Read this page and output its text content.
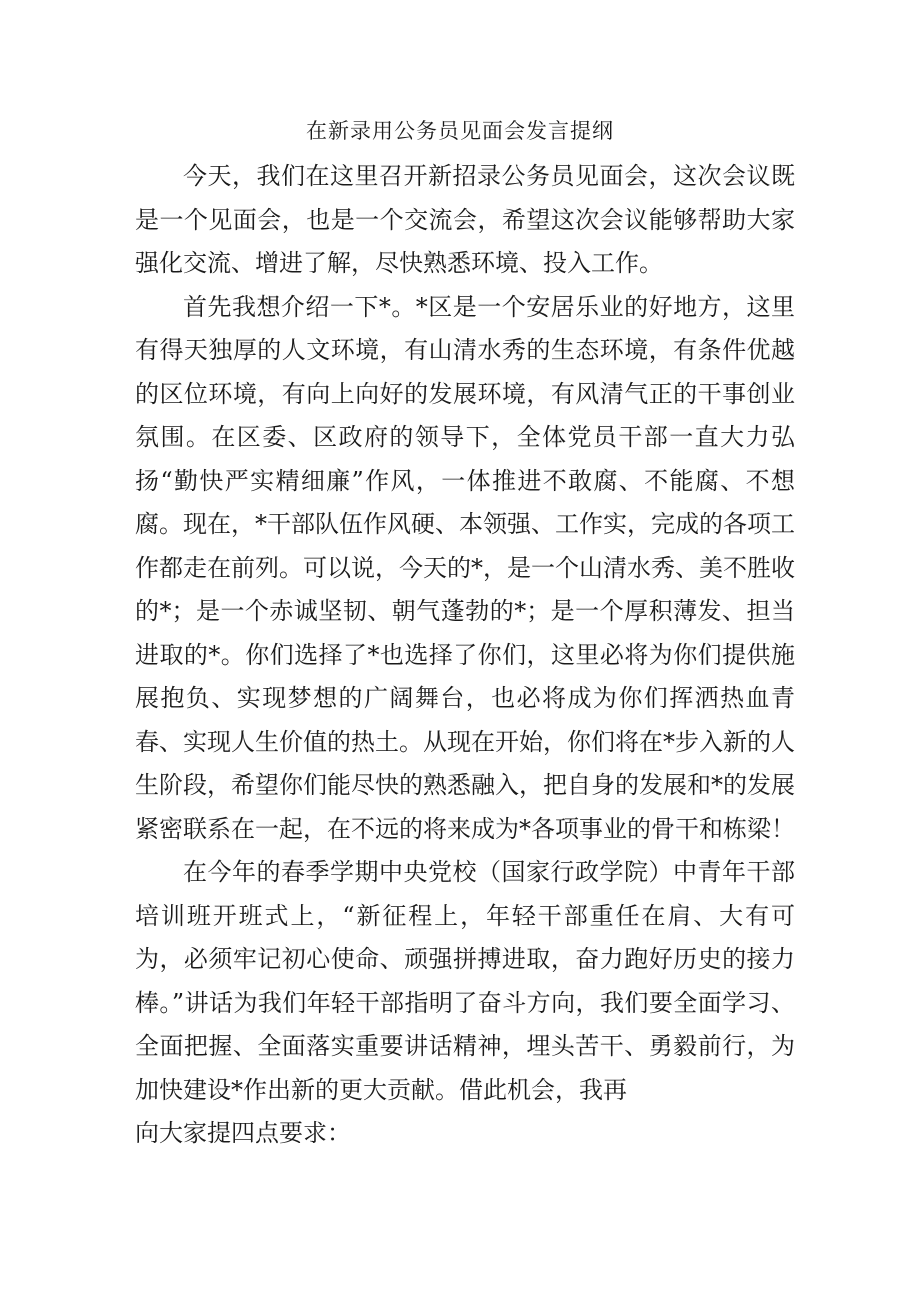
在新录用公务员见面会发言提纲

今天，我们在这里召开新招录公务员见面会，这次会议既是一个见面会，也是一个交流会，希望这次会议能够帮助大家强化交流、增进了解，尽快熟悉环境、投入工作。

首先我想介绍一下*。*区是一个安居乐业的好地方，这里有得天独厚的人文环境，有山清水秀的生态环境，有条件优越的区位环境，有向上向好的发展环境，有风清气正的干事创业氛围。在区委、区政府的领导下，全体党员干部一直大力弘扬“勤快严实精细廉”作风，一体推进不敢腐、不能腐、不想腐。现在，*干部队伍作风硬、本领强、工作实，完成的各项工作都走在前列。可以说，今天的*，是一个山清水秀、美不胜收的*；是一个赤诚坚韧、朝气蓬勃的*；是一个厚积薄发、担当进取的*。你们选择了*也选择了你们，这里必将为你们提供施展抱负、实现梦想的广阔舞台，也必将成为你们挥洒热血青春、实现人生价值的热土。从现在开始，你们将在*步入新的人生阶段，希望你们能尽快的熟悉融入，把自身的发展和*的发展紧密联系在一起，在不远的将来成为*各项事业的骨干和栋梁！

在今年的春季学期中央党校（国家行政学院）中青年干部培训班开班式上，“新征程上，年轻干部重任在肩、大有可为，必须牢记初心使命、顽强拼搏进取，奋力跑好历史的接力棒。”讲话为我们年轻干部指明了奋斗方向，我们要全面学习、全面把握、全面落实重要讲话精神，埋头苦干、勇毅前行，为加快建设*作出新的更大贡献。借此机会，我再

向大家提四点要求：
